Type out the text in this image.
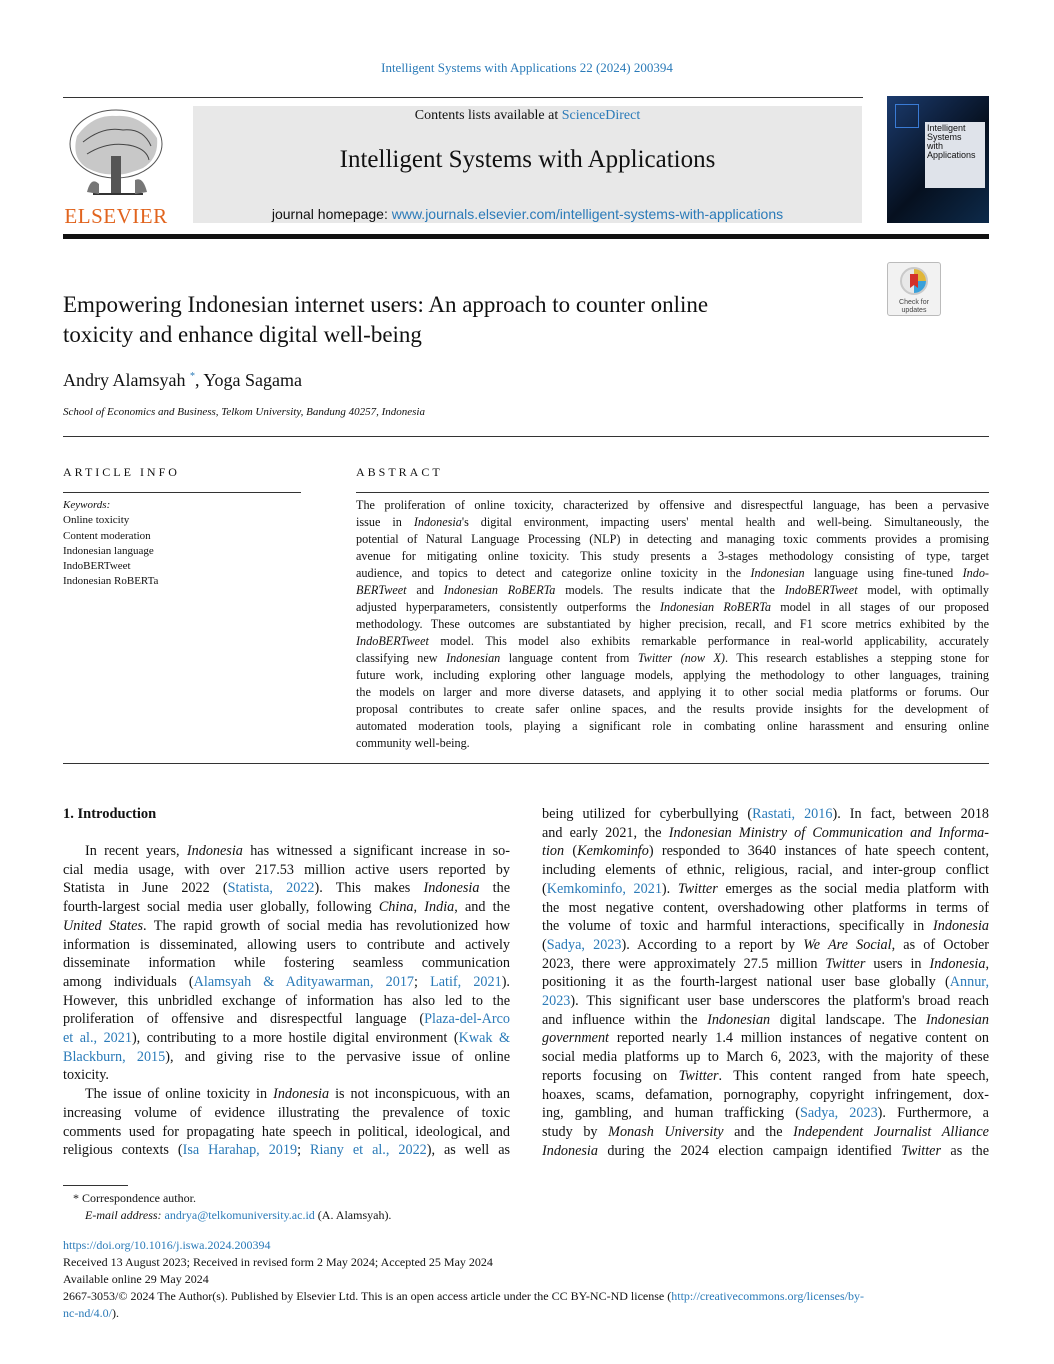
Intelligent Systems with Applications 22 (2024) 200394
ELSEVIER
Contents lists available at ScienceDirect
Intelligent Systems with Applications
journal homepage: www.journals.elsevier.com/intelligent-systems-with-applications
Intelligent
Systems
with
Applications
Check for
updates
Empowering Indonesian internet users: An approach to counter online
toxicity and enhance digital well-being
Andry Alamsyah *, Yoga Sagama
School of Economics and Business, Telkom University, Bandung 40257, Indonesia
ARTICLE INFO
Keywords:
Online toxicity
Content moderation
Indonesian language
IndoBERTweet
Indonesian RoBERTa
ABSTRACT
The proliferation of online toxicity, characterized by offensive and disrespectful language, has been a pervasive
issue in Indonesia's digital environment, impacting users' mental health and well-being. Simultaneously, the
potential of Natural Language Processing (NLP) in detecting and managing toxic comments provides a promising
avenue for mitigating online toxicity. This study presents a 3-stages methodology consisting of type, target
audience, and topics to detect and categorize online toxicity in the Indonesian language using fine-tuned Indo-
BERTweet and Indonesian RoBERTa models. The results indicate that the IndoBERTweet model, with optimally
adjusted hyperparameters, consistently outperforms the Indonesian RoBERTa model in all stages of our proposed
methodology. These outcomes are substantiated by higher precision, recall, and F1 score metrics exhibited by the
IndoBERTweet model. This model also exhibits remarkable performance in real-world applicability, accurately
classifying new Indonesian language content from Twitter (now X). This research establishes a stepping stone for
future work, including exploring other language models, applying the methodology to other languages, training
the models on larger and more diverse datasets, and applying it to other social media platforms or forums. Our
proposal contributes to create safer online spaces, and the results provide insights for the development of
automated moderation tools, playing a significant role in combating online harassment and ensuring online
community well-being.
1. Introduction
In recent years, Indonesia has witnessed a significant increase in so-
cial media usage, with over 217.53 million active users reported by
Statista in June 2022 (Statista, 2022). This makes Indonesia the
fourth-largest social media user globally, following China, India, and the
United States. The rapid growth of social media has revolutionized how
information is disseminated, allowing users to contribute and actively
disseminate information while fostering seamless communication
among individuals (Alamsyah & Adityawarman, 2017; Latif, 2021).
However, this unbridled exchange of information has also led to the
proliferation of offensive and disrespectful language (Plaza-del-Arco
et al., 2021), contributing to a more hostile digital environment (Kwak &
Blackburn, 2015), and giving rise to the pervasive issue of online
toxicity.
The issue of online toxicity in Indonesia is not inconspicuous, with an
increasing volume of evidence illustrating the prevalence of toxic
comments used for propagating hate speech in political, ideological, and
religious contexts (Isa Harahap, 2019; Riany et al., 2022), as well as
being utilized for cyberbullying (Rastati, 2016). In fact, between 2018
and early 2021, the Indonesian Ministry of Communication and Informa-
tion (Kemkominfo) responded to 3640 instances of hate speech content,
including elements of ethnic, religious, racial, and inter-group conflict
(Kemkominfo, 2021). Twitter emerges as the social media platform with
the most negative content, overshadowing other platforms in terms of
the volume of toxic and harmful interactions, specifically in Indonesia
(Sadya, 2023). According to a report by We Are Social, as of October
2023, there were approximately 27.5 million Twitter users in Indonesia,
positioning it as the fourth-largest national user base globally (Annur,
2023). This significant user base underscores the platform's broad reach
and influence within the Indonesian digital landscape. The Indonesian
government reported nearly 1.4 million instances of negative content on
social media platforms up to March 6, 2023, with the majority of these
reports focusing on Twitter. This content ranged from hate speech,
hoaxes, scams, defamation, pornography, copyright infringement, dox-
ing, gambling, and human trafficking (Sadya, 2023). Furthermore, a
study by Monash University and the Independent Journalist Alliance
Indonesia during the 2024 election campaign identified Twitter as the
* Correspondence author.
E-mail address: andrya@telkomuniversity.ac.id (A. Alamsyah).
https://doi.org/10.1016/j.iswa.2024.200394
Received 13 August 2023; Received in revised form 2 May 2024; Accepted 25 May 2024
Available online 29 May 2024
2667-3053/© 2024 The Author(s). Published by Elsevier Ltd. This is an open access article under the CC BY-NC-ND license (http://creativecommons.org/licenses/by-
nc-nd/4.0/).
